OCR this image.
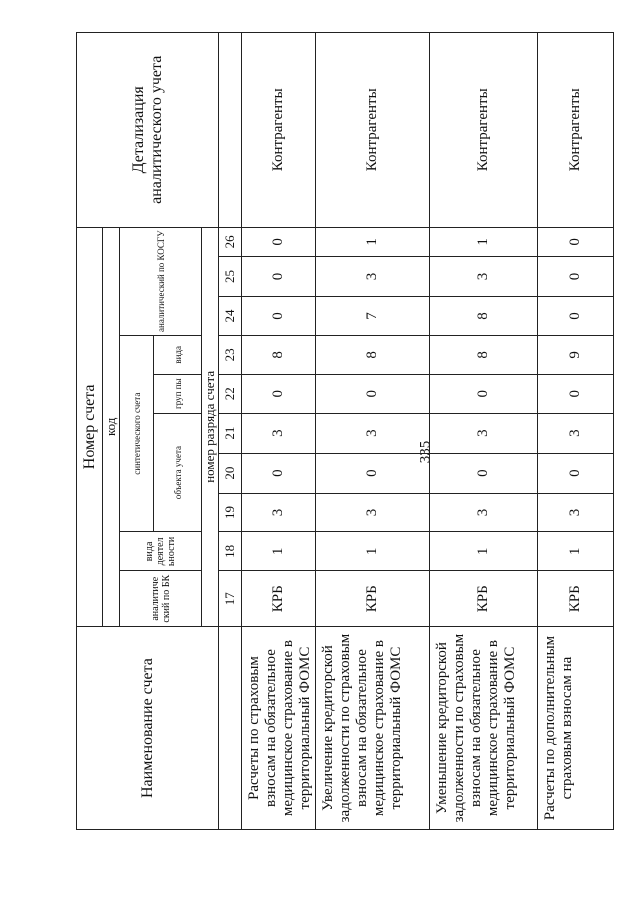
335
Наименование счета	Номер счета										Детализация аналитического учета
	код										
	аналитиче ский по БК	вида деятел ьности	синтетического счета					аналитический по КОСГУ			
			объекта учета			груп пы	вида				
	номер разряда счета										
	17	18	19	20	21	22	23	24	25	26	
Расчеты по страховым взносам на обязательное медицинское страхование в территориальный ФОМС	КРБ	1	3	0	3	0	8	0	0	0	Контрагенты
Увеличение кредиторской задолженности по страховым взносам на обязательное медицинское страхование в территориальный ФОМС	КРБ	1	3	0	3	0	8	7	3	1	Контрагенты
Уменьшение кредиторской задолженности по страховым взносам на обязательное медицинское страхование в территориальный ФОМС	КРБ	1	3	0	3	0	8	8	3	1	Контрагенты
Расчеты по дополнительным страховым взносам на	КРБ	1	3	0	3	0	9	0	0	0	Контрагенты
